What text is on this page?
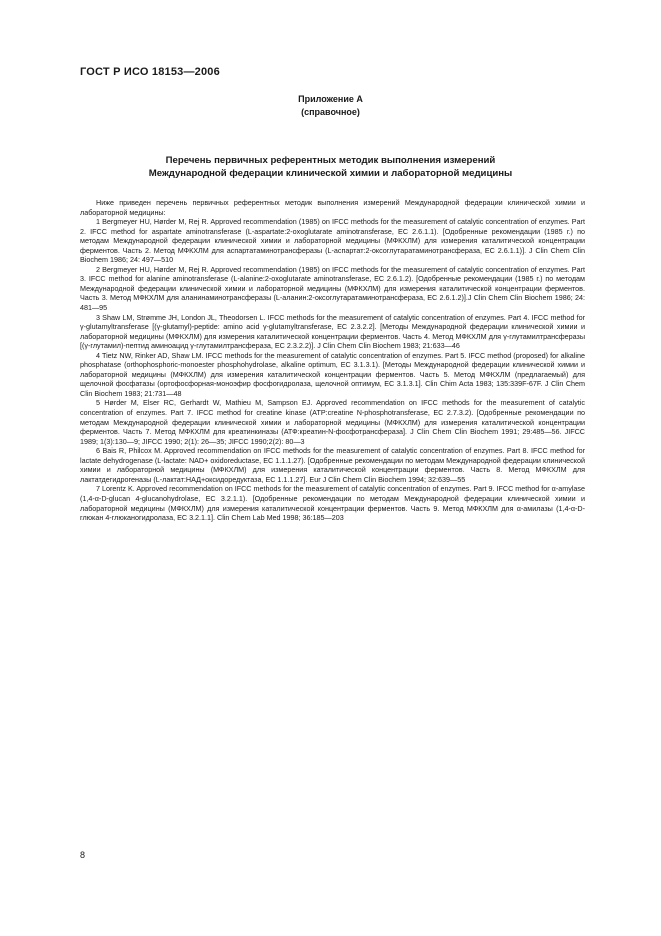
ГОСТ Р ИСО 18153—2006
Приложение А
(справочное)
Перечень первичных референтных методик выполнения измерений
Международной федерации клинической химии и лабораторной медицины

Ниже приведен перечень первичных референтных методик выполнения измерений Международной федерации клинической химии и лабораторной медицины:

1 Bergmeyer HU, Hørder M, Rej R. Approved recommendation (1985) on IFCC methods for the measurement of catalytic concentration of enzymes. Part 2. IFCC method for aspartate aminotransferase (L-aspartate:2-oxoglutarate aminotransferase, EC 2.6.1.1). [Одобренные рекомендации (1985 г.) по методам Международной федерации клинической химии и лабораторной медицины (МФКХЛМ) для измерения каталитической концентрации ферментов. Часть 2. Метод МФКХЛМ для аспартатаминотрансферазы (L-аспартат:2-оксоглутаратаминотрансфераза, ЕС 2.6.1.1)]. J Clin Chem Clin Biochem 1986; 24: 497—510

2 Bergmeyer HU, Hørder M, Rej R. Approved recommendation (1985) on IFCC methods for the measurement of catalytic concentration of enzymes. Part 3. IFCC method for alanine aminotransferase (L-alanine:2-oxoglutarate aminotransferase, EC 2.6.1.2). [Одобренные рекомендации (1985 г.) по методам Международной федерации клинической химии и лабораторной медицины (МФКХЛМ) для измерения каталитической концентрации ферментов. Часть 3. Метод МФКХЛМ для аланинаминотрансферазы (L-аланин:2-оксоглутаратаминотрансфераза, ЕС 2.6.1.2)].J Clin Chem Clin Biochem 1986; 24: 481—95

3 Shaw LM, Strømme JH, London JL, Theodorsen L. IFCC methods for the measurement of catalytic concentration of enzymes. Part 4. IFCC method for γ-glutamyltransferase [(γ-glutamyl)-peptide: amino acid γ-glutamyltransferase, EC 2.3.2.2]. [Методы Международной федерации клинической химии и лабораторной медицины (МФКХЛМ) для измерения каталитической концентрации ферментов. Часть 4. Метод МФКХЛМ для γ-глутамилтрансферазы [(γ-глутамил)-пептид аминоацид γ-глутамилтрансфераза, ЕС 2.3.2.2)]. J Clin Chem Clin Biochem 1983; 21:633—46

4 Tietz NW, Rinker AD, Shaw LM. IFCC methods for the measurement of catalytic concentration of enzymes. Part 5. IFCC method (proposed) for alkaline phosphatase (orthophosphoric-monoester phosphohydrolase, alkaline optimum, EC 3.1.3.1). [Методы Международной федерации клинической химии и лабораторной медицины (МФКХЛМ) для измерения каталитической концентрации ферментов. Часть 5. Метод МФКХЛМ (предлагаемый) для щелочной фосфатазы (ортофосфорная-моноэфир фосфогидролаза, щелочной оптимум, ЕС 3.1.3.1]. Clin Chim Acta 1983; 135:339F-67F. J Clin Chem Clin Biochem 1983; 21:731—48

5 Hørder M, Elser RC, Gerhardt W, Mathieu M, Sampson EJ. Approved recommendation on IFCC methods for the measurement of catalytic concentration of enzymes. Part 7. IFCC method for creatine kinase (ATP:creatine N-phosphotransferase, EC 2.7.3.2). [Одобренные рекомендации по методам Международной федерации клинической химии и лабораторной медицины (МФКХЛМ) для измерения каталитической концентрации ферментов. Часть 7. Метод МФКХЛМ для креатинкиназы (АТФ:креатин-N-фосфотрансфераза]. J Clin Chem Clin Biochem 1991; 29:485—56. JIFCC 1989; 1(3):130—9; JIFCC 1990; 2(1): 26—35; JIFCC 1990;2(2): 80—3

6 Bais R, Philcox M. Approved recommendation on IFCC methods for the measurement of catalytic concentration of enzymes. Part 8. IFCC method for lactate dehydrogenase (L-lactate: NAD+ oxidoreductase, EC 1.1.1.27). [Одобренные рекомендации по методам Международной федерации клинической химии и лабораторной медицины (МФКХЛМ) для измерения каталитической концентрации ферментов. Часть 8. Метод МФКХЛМ для лактатдегидрогеназы (L-лактат:НАД+оксидоредуктаза, ЕС 1.1.1.27]. Eur J Clin Chem Clin Biochem 1994; 32:639—55

7 Lorentz K. Approved recommendation on IFCC methods for the measurement of catalytic concentration of enzymes. Part 9. IFCC method for α-amylase (1,4-α-D-glucan 4-glucanohydrolase, EC 3.2.1.1). [Одобренные рекомендации по методам Международной федерации клинической химии и лабораторной медицины (МФКХЛМ) для измерения каталитической концентрации ферментов. Часть 9. Метод МФКХЛМ для α-амилазы (1,4-α-D-глюкан 4-глюканогидролаза, ЕС 3.2.1.1]. Clin Chem Lab Med 1998; 36:185—203

8
